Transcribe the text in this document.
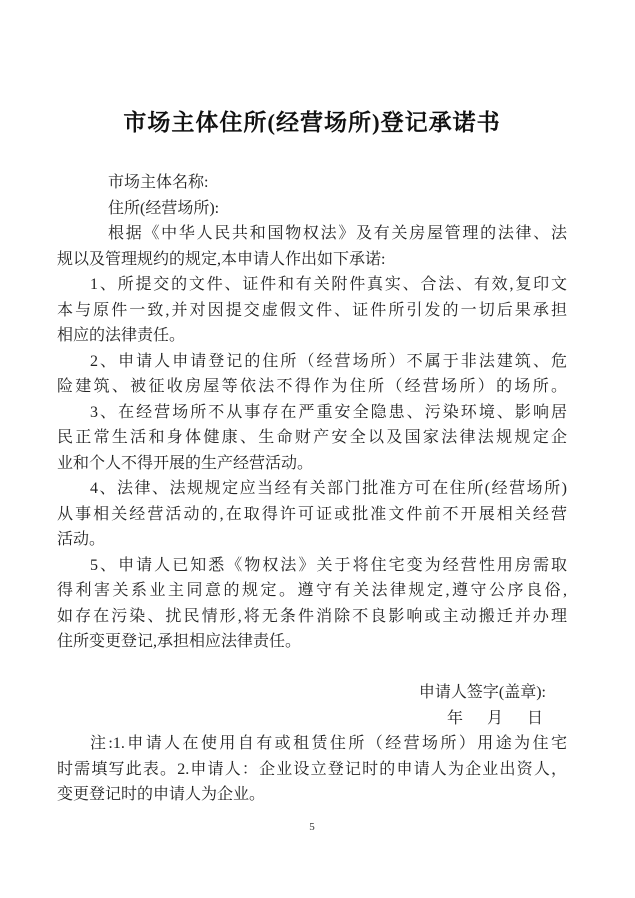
市场主体住所(经营场所)登记承诺书
市场主体名称:
住所(经营场所):
根据《中华人民共和国物权法》及有关房屋管理的法律、法
规以及管理规约的规定,本申请人作出如下承诺:
1、所提交的文件、证件和有关附件真实、合法、有效,复印文
本与原件一致,并对因提交虚假文件、证件所引发的一切后果承担
相应的法律责任。
2、申请人申请登记的住所（经营场所）不属于非法建筑、危
险建筑、被征收房屋等依法不得作为住所（经营场所）的场所。
3、在经营场所不从事存在严重安全隐患、污染环境、影响居
民正常生活和身体健康、生命财产安全以及国家法律法规规定企
业和个人不得开展的生产经营活动。
4、法律、法规规定应当经有关部门批准方可在住所(经营场所)
从事相关经营活动的,在取得许可证或批准文件前不开展相关经营
活动。
5、申请人已知悉《物权法》关于将住宅变为经营性用房需取
得利害关系业主同意的规定。遵守有关法律规定,遵守公序良俗,
如存在污染、扰民情形,将无条件消除不良影响或主动搬迁并办理
住所变更登记,承担相应法律责任。
申请人签字(盖章):
年　月　日
注:1.申请人在使用自有或租赁住所（经营场所）用途为住宅
时需填写此表。2.申请人：企业设立登记时的申请人为企业出资人，
变更登记时的申请人为企业。
5
